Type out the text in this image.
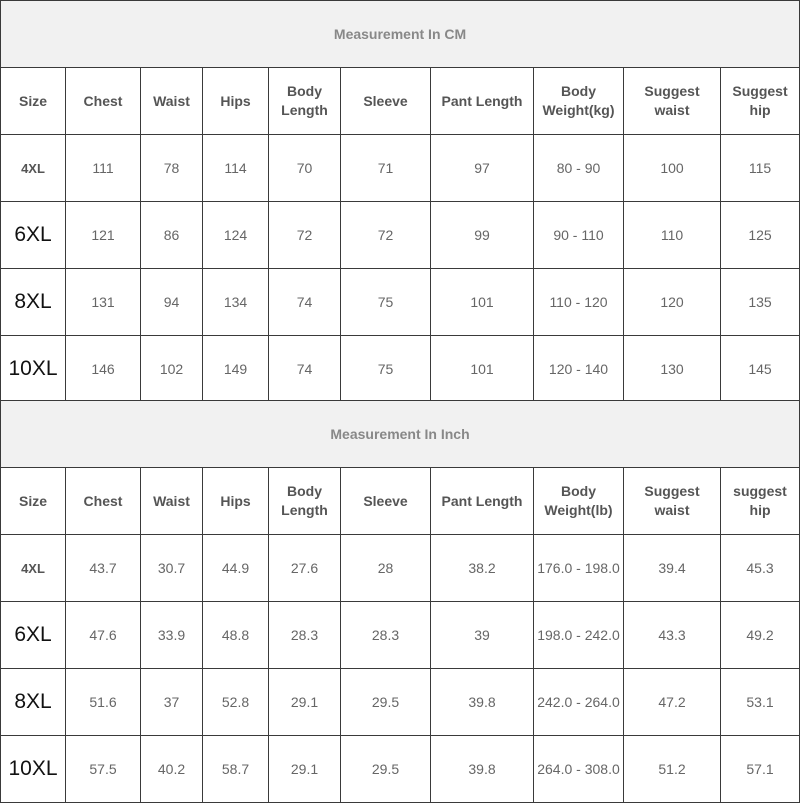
Measurement In CM									
Size	Chest	Waist	Hips	Body Length	Sleeve	Pant Length	Body Weight(kg)	Suggest waist	Suggest hip
4XL	111	78	114	70	71	97	80 - 90	100	115
6XL	121	86	124	72	72	99	90 - 110	110	125
8XL	131	94	134	74	75	101	110 - 120	120	135
10XL	146	102	149	74	75	101	120 - 140	130	145
Measurement In Inch									
Size	Chest	Waist	Hips	Body Length	Sleeve	Pant Length	Body Weight(lb)	Suggest waist	suggest hip
4XL	43.7	30.7	44.9	27.6	28	38.2	176.0 - 198.0	39.4	45.3
6XL	47.6	33.9	48.8	28.3	28.3	39	198.0 - 242.0	43.3	49.2
8XL	51.6	37	52.8	29.1	29.5	39.8	242.0 - 264.0	47.2	53.1
10XL	57.5	40.2	58.7	29.1	29.5	39.8	264.0 - 308.0	51.2	57.1
